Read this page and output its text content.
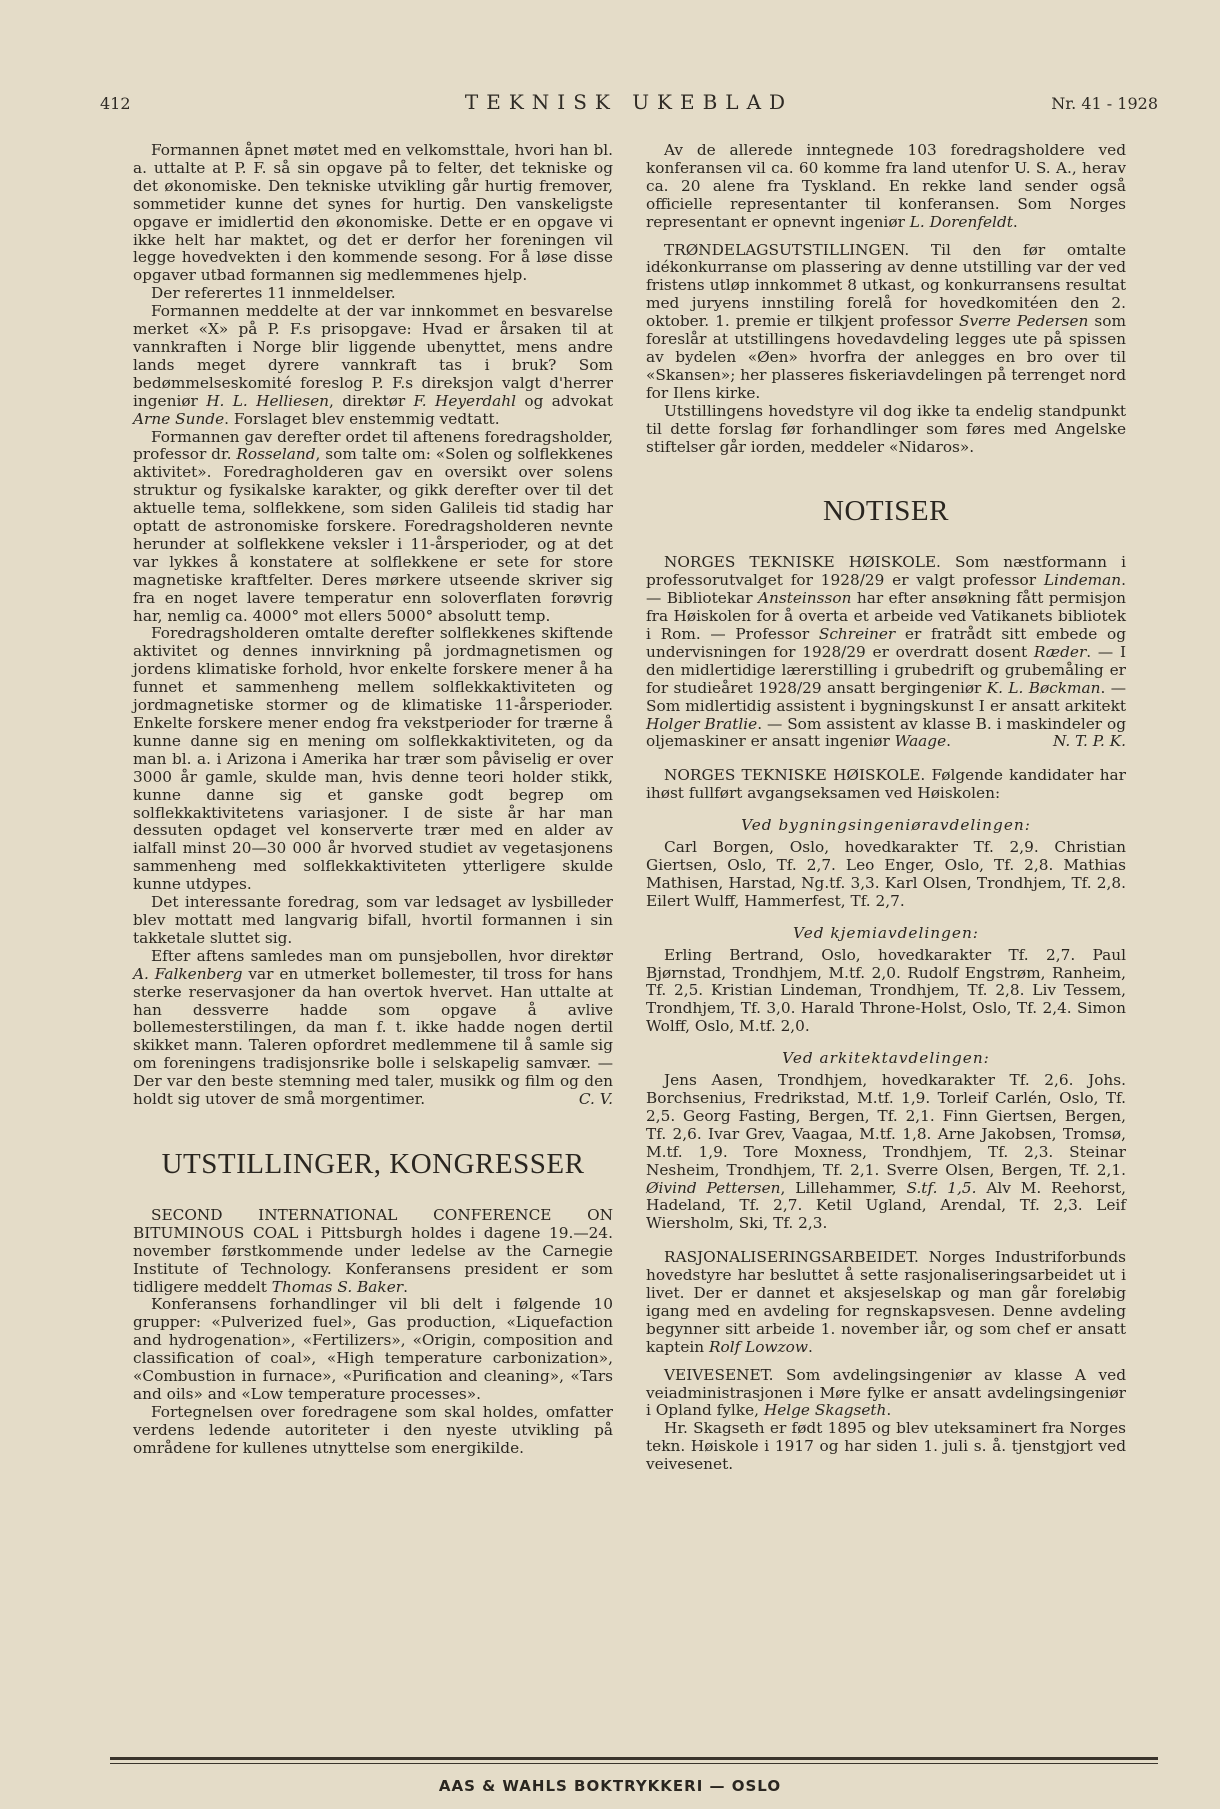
412	TEKNISK UKEBLAD	Nr. 41 - 1928

Formannen åpnet møtet med en velkomsttale, hvori han bl. a. uttalte at P. F. så sin opgave på to felter, det tekniske og det økonomiske. Den tekniske utvikling går hurtig fremover, sommetider kunne det synes for hurtig. Den vanskeligste opgave er imidlertid den økonomiske. Dette er en opgave vi ikke helt har maktet, og det er derfor her foreningen vil legge hovedvekten i den kommende sesong. For å løse disse opgaver utbad formannen sig medlemmenes hjelp.

Der referertes 11 innmeldelser.

Formannen meddelte at der var innkommet en besvarelse merket «X» på P. F.s prisopgave: Hvad er årsaken til at vannkraften i Norge blir liggende ubenyttet, mens andre lands meget dyrere vannkraft tas i bruk? Som bedømmelseskomité foreslog P. F.s direksjon valgt d'herrer ingeniør H. L. Helliesen, direktør F. Heyerdahl og advokat Arne Sunde. Forslaget blev enstemmig vedtatt.

Formannen gav derefter ordet til aftenens foredragsholder, professor dr. Rosseland, som talte om: «Solen og solflekkenes aktivitet». Foredragholderen gav en oversikt over solens struktur og fysikalske karakter, og gikk derefter over til det aktuelle tema, solflekkene, som siden Galileis tid stadig har optatt de astronomiske forskere. Foredragsholderen nevnte herunder at solflekkene veksler i 11-årsperioder, og at det var lykkes å konstatere at solflekkene er sete for store magnetiske kraftfelter. Deres mørkere utseende skriver sig fra en noget lavere temperatur enn soloverflaten forøvrig har, nemlig ca. 4000° mot ellers 5000° absolutt temp.

Foredragsholderen omtalte derefter solflekkenes skiftende aktivitet og dennes innvirkning på jordmagnetismen og jordens klimatiske forhold, hvor enkelte forskere mener å ha funnet et sammenheng mellem solflekkaktiviteten og jordmagnetiske stormer og de klimatiske 11-årsperioder. Enkelte forskere mener endog fra vekstperioder for trærne å kunne danne sig en mening om solflekkaktiviteten, og da man bl. a. i Arizona i Amerika har trær som påviselig er over 3000 år gamle, skulde man, hvis denne teori holder stikk, kunne danne sig et ganske godt begrep om solflekkaktivitetens variasjoner. I de siste år har man dessuten opdaget vel konserverte trær med en alder av ialfall minst 20—30 000 år hvorved studiet av vegetasjonens sammenheng med solflekkaktiviteten ytterligere skulde kunne utdypes.

Det interessante foredrag, som var ledsaget av lysbilleder blev mottatt med langvarig bifall, hvortil formannen i sin takketale sluttet sig.

Efter aftens samledes man om punsjebollen, hvor direktør A. Falkenberg var en utmerket bollemester, til tross for hans sterke reservasjoner da han overtok hvervet. Han uttalte at han dessverre hadde som opgave å avlive bollemesterstilingen, da man f. t. ikke hadde nogen dertil skikket mann. Taleren opfordret medlemmene til å samle sig om foreningens tradisjonsrike bolle i selskapelig samvær. — Der var den beste stemning med taler, musikk og film og den holdt sig utover de små morgentimer.	C. V.

UTSTILLINGER, KONGRESSER

SECOND INTERNATIONAL CONFERENCE ON BITUMINOUS COAL i Pittsburgh holdes i dagene 19.—24. november førstkommende under ledelse av the Carnegie Institute of Technology. Konferansens president er som tidligere meddelt Thomas S. Baker.

Konferansens forhandlinger vil bli delt i følgende 10 grupper: «Pulverized fuel», Gas production, «Liquefaction and hydrogenation», «Fertilizers», «Origin, composition and classification of coal», «High temperature carbonization», «Combustion in furnace», «Purification and cleaning», «Tars and oils» and «Low temperature processes».

Fortegnelsen over foredragene som skal holdes, omfatter verdens ledende autoriteter i den nyeste utvikling på områdene for kullenes utnyttelse som energikilde.

Av de allerede inntegnede 103 foredragsholdere ved konferansen vil ca. 60 komme fra land utenfor U. S. A., herav ca. 20 alene fra Tyskland. En rekke land sender også officielle representanter til konferansen. Som Norges representant er opnevnt ingeniør L. Dorenfeldt.

TRØNDELAGSUTSTILLINGEN. Til den før omtalte idékonkurranse om plassering av denne utstilling var der ved fristens utløp innkommet 8 utkast, og konkurransens resultat med juryens innstiling forelå for hovedkomitéen den 2. oktober. 1. premie er tilkjent professor Sverre Pedersen som foreslår at utstillingens hovedavdeling legges ute på spissen av bydelen «Øen» hvorfra der anlegges en bro over til «Skansen»; her plasseres fiskeriavdelingen på terrenget nord for Ilens kirke.

Utstillingens hovedstyre vil dog ikke ta endelig standpunkt til dette forslag før forhandlinger som føres med Angelske stiftelser går iorden, meddeler «Nidaros».

NOTISER

NORGES TEKNISKE HØISKOLE. Som næstformann i professorutvalget for 1928/29 er valgt professor Lindeman. — Bibliotekar Ansteinsson har efter ansøkning fått permisjon fra Høiskolen for å overta et arbeide ved Vatikanets bibliotek i Rom. — Professor Schreiner er fratrådt sitt embede og undervisningen for 1928/29 er overdratt dosent Ræder. — I den midlertidige lærerstilling i grubedrift og grubemåling er for studieåret 1928/29 ansatt bergingeniør K. L. Bøckman. — Som midlertidig assistent i bygningskunst I er ansatt arkitekt Holger Bratlie. — Som assistent av klasse B. i maskindeler og oljemaskiner er ansatt ingeniør Waage.	N. T. P. K.

NORGES TEKNISKE HØISKOLE. Følgende kandidater har ihøst fullført avgangseksamen ved Høiskolen:

Ved bygningsingeniøravdelingen:

Carl Borgen, Oslo, hovedkarakter Tf. 2,9. Christian Giertsen, Oslo, Tf. 2,7. Leo Enger, Oslo, Tf. 2,8. Mathias Mathisen, Harstad, Ng.tf. 3,3. Karl Olsen, Trondhjem, Tf. 2,8. Eilert Wulff, Hammerfest, Tf. 2,7.

Ved kjemiavdelingen:

Erling Bertrand, Oslo, hovedkarakter Tf. 2,7. Paul Bjørnstad, Trondhjem, M.tf. 2,0. Rudolf Engstrøm, Ranheim, Tf. 2,5. Kristian Lindeman, Trondhjem, Tf. 2,8. Liv Tessem, Trondhjem, Tf. 3,0. Harald Throne-Holst, Oslo, Tf. 2,4. Simon Wolff, Oslo, M.tf. 2,0.

Ved arkitektavdelingen:

Jens Aasen, Trondhjem, hovedkarakter Tf. 2,6. Johs. Borchsenius, Fredrikstad, M.tf. 1,9. Torleif Carlén, Oslo, Tf. 2,5. Georg Fasting, Bergen, Tf. 2,1. Finn Giertsen, Bergen, Tf. 2,6. Ivar Grev, Vaagaa, M.tf. 1,8. Arne Jakobsen, Tromsø, M.tf. 1,9. Tore Moxness, Trondhjem, Tf. 2,3. Steinar Nesheim, Trondhjem, Tf. 2,1. Sverre Olsen, Bergen, Tf. 2,1. Øivind Pettersen, Lillehammer, S.tf. 1,5. Alv M. Reehorst, Hadeland, Tf. 2,7. Ketil Ugland, Arendal, Tf. 2,3. Leif Wiersholm, Ski, Tf. 2,3.

RASJONALISERINGSARBEIDET. Norges Industriforbunds hovedstyre har besluttet å sette rasjonaliseringsarbeidet ut i livet. Der er dannet et aksjeselskap og man går foreløbig igang med en avdeling for regnskapsvesen. Denne avdeling begynner sitt arbeide 1. november iår, og som chef er ansatt kaptein Rolf Lowzow.

VEIVESENET. Som avdelingsingeniør av klasse A ved veiadministrasjonen i Møre fylke er ansatt avdelingsingeniør i Opland fylke, Helge Skagseth.

Hr. Skagseth er født 1895 og blev uteksaminert fra Norges tekn. Høiskole i 1917 og har siden 1. juli s. å. tjenstgjort ved veivesenet.

AAS & WAHLS BOKTRYKKERI — OSLO
